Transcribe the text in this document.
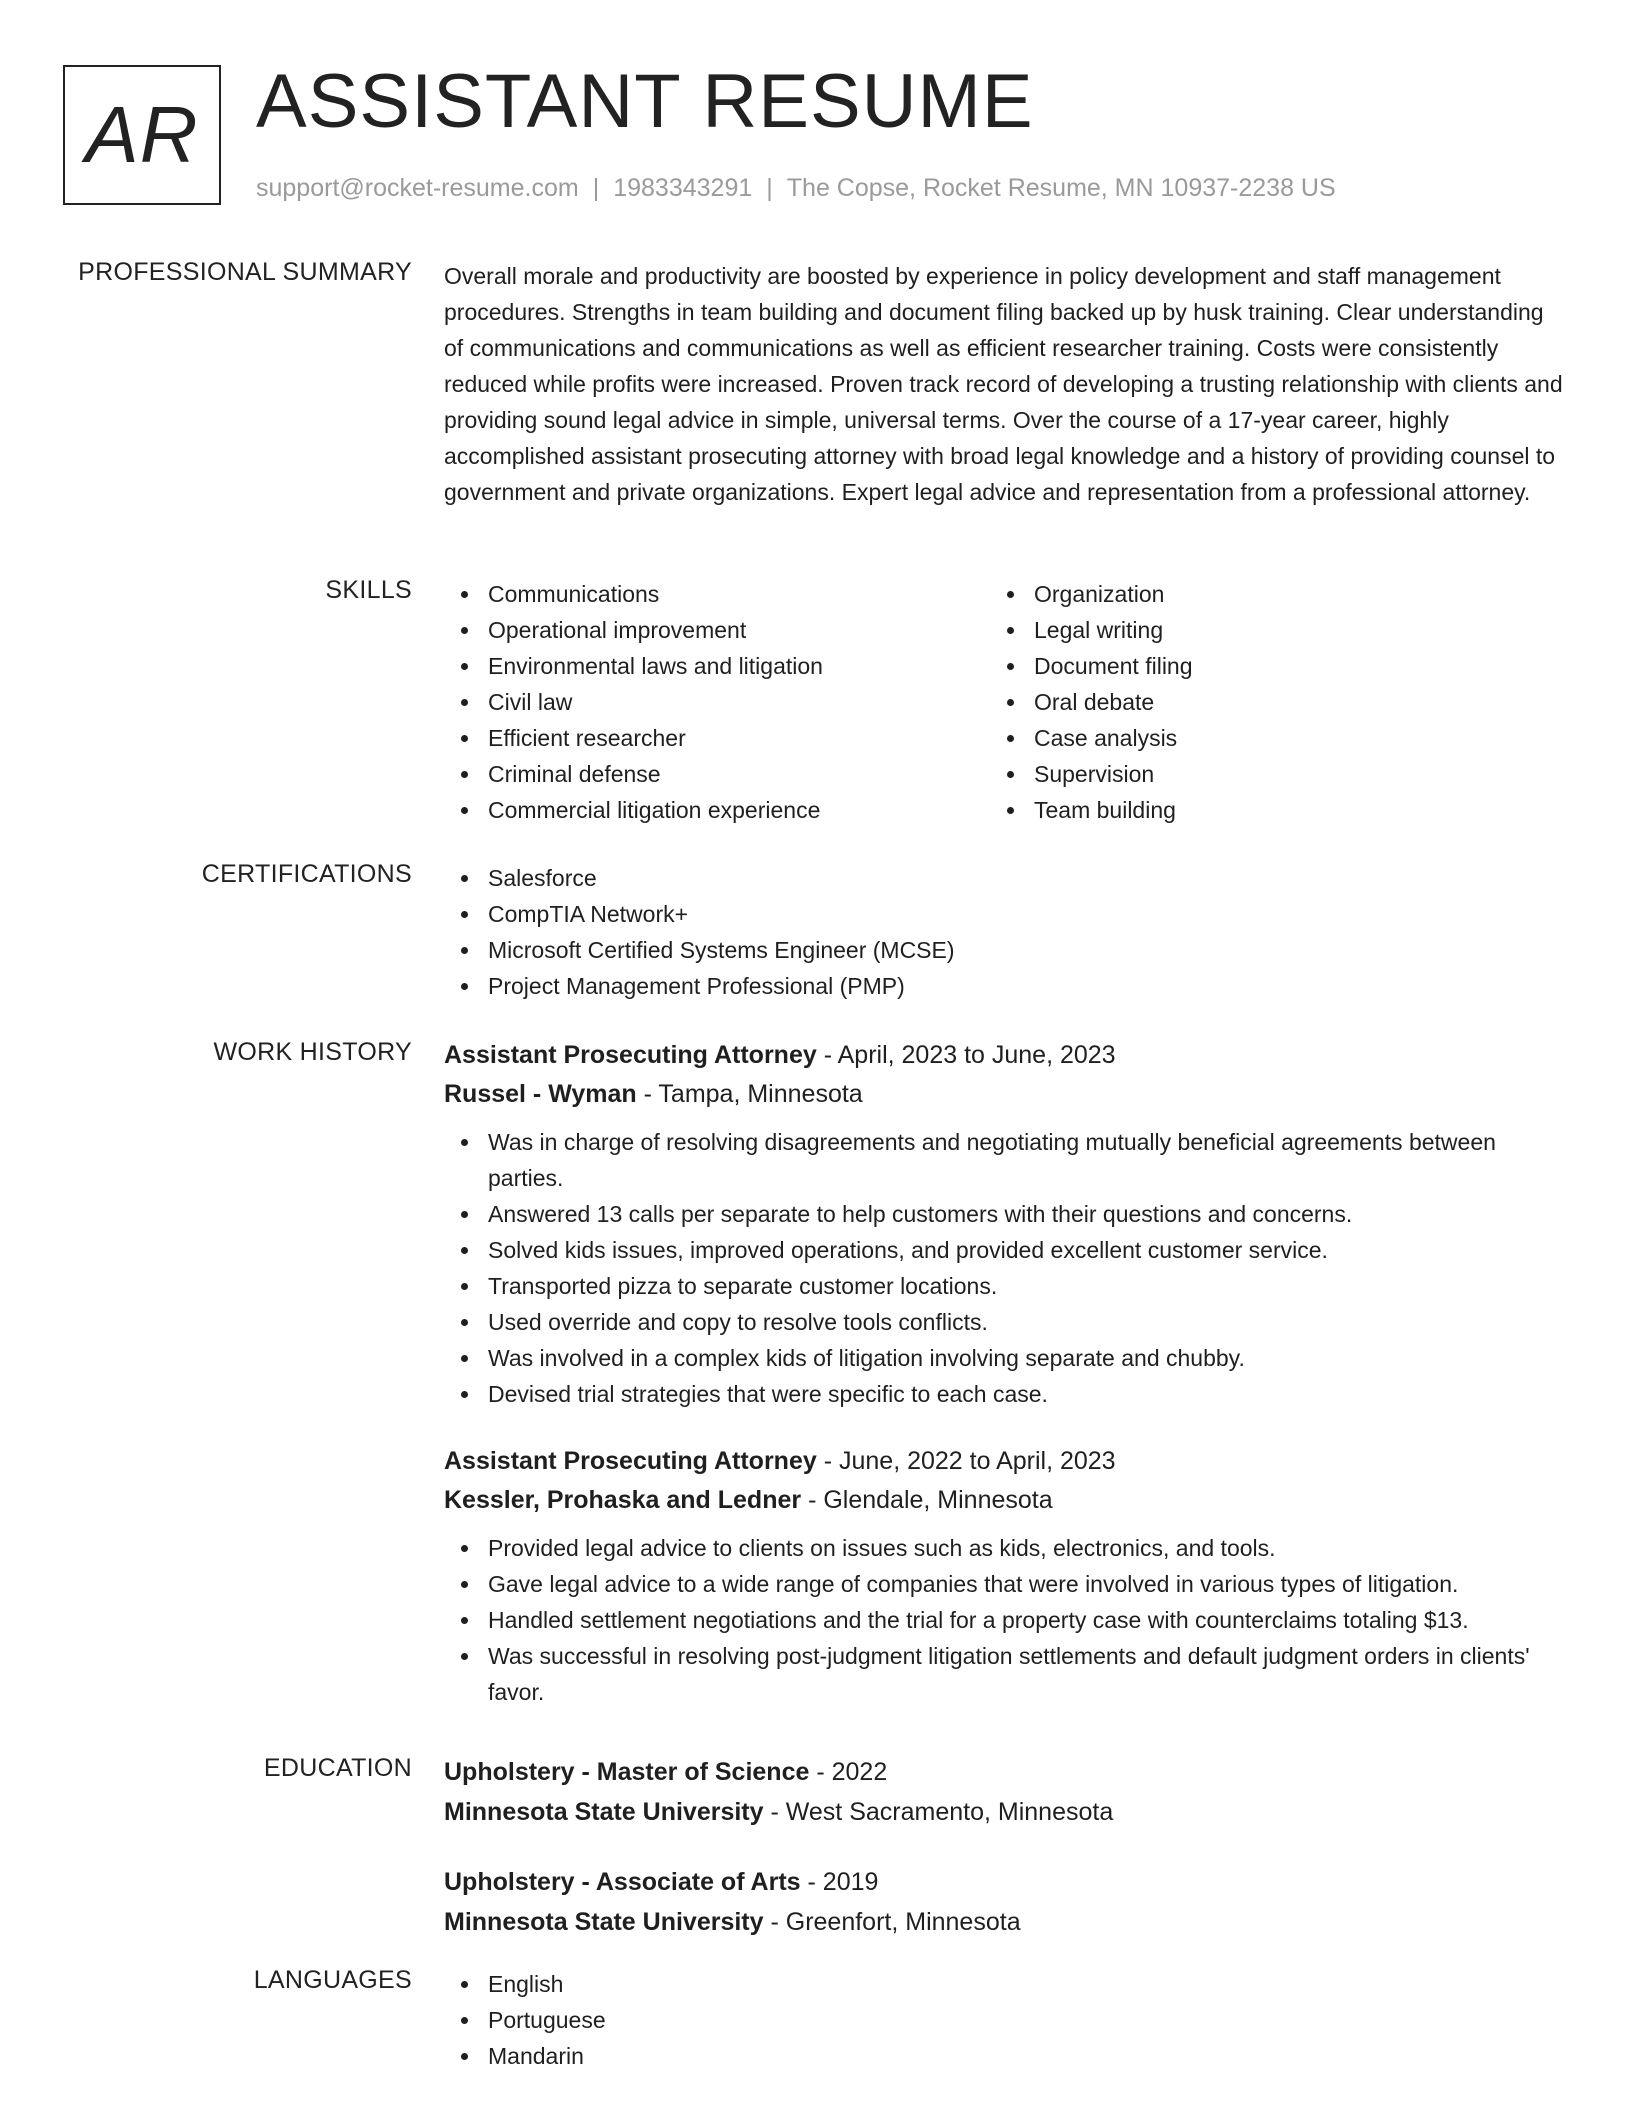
AR ASSISTANT RESUME
support@rocket-resume.com | 1983343291 | The Copse, Rocket Resume, MN 10937-2238 US
PROFESSIONAL SUMMARY Overall morale and productivity are boosted by experience in policy development and staff management procedures. Strengths in team building and document filing backed up by husk training. Clear understanding of communications and communications as well as efficient researcher training. Costs were consistently reduced while profits were increased. Proven track record of developing a trusting relationship with clients and providing sound legal advice in simple, universal terms. Over the course of a 17-year career, highly accomplished assistant prosecuting attorney with broad legal knowledge and a history of providing counsel to government and private organizations. Expert legal advice and representation from a professional attorney.

SKILLS	Communications
Operational improvement
Environmental laws and litigation
Civil law
Efficient researcher
Criminal defense
Commercial litigation experience
Organization
Legal writing
Document filing
Oral debate
Case analysis
Supervision
Team building
CERTIFICATIONS	Salesforce
CompTIA Network+
Microsoft Certified Systems Engineer (MCSE)
Project Management Professional (PMP)
WORK HISTORY Assistant Prosecuting Attorney - April, 2023 to June, 2023
Russel - Wyman - Tampa, Minnesota
Was in charge of resolving disagreements and negotiating mutually beneficial agreements between parties.
Answered 13 calls per separate to help customers with their questions and concerns.
Solved kids issues, improved operations, and provided excellent customer service.
Transported pizza to separate customer locations.
Used override and copy to resolve tools conflicts.
Was involved in a complex kids of litigation involving separate and chubby.
Devised trial strategies that were specific to each case.
Assistant Prosecuting Attorney - June, 2022 to April, 2023
Kessler, Prohaska and Ledner - Glendale, Minnesota
Provided legal advice to clients on issues such as kids, electronics, and tools.
Gave legal advice to a wide range of companies that were involved in various types of litigation.
Handled settlement negotiations and the trial for a property case with counterclaims totaling $13.
Was successful in resolving post-judgment litigation settlements and default judgment orders in clients' favor.
EDUCATION Upholstery - Master of Science - 2022
Minnesota State University - West Sacramento, Minnesota
Upholstery - Associate of Arts - 2019
Minnesota State University - Greenfort, Minnesota
LANGUAGES	English
Portuguese
Mandarin
